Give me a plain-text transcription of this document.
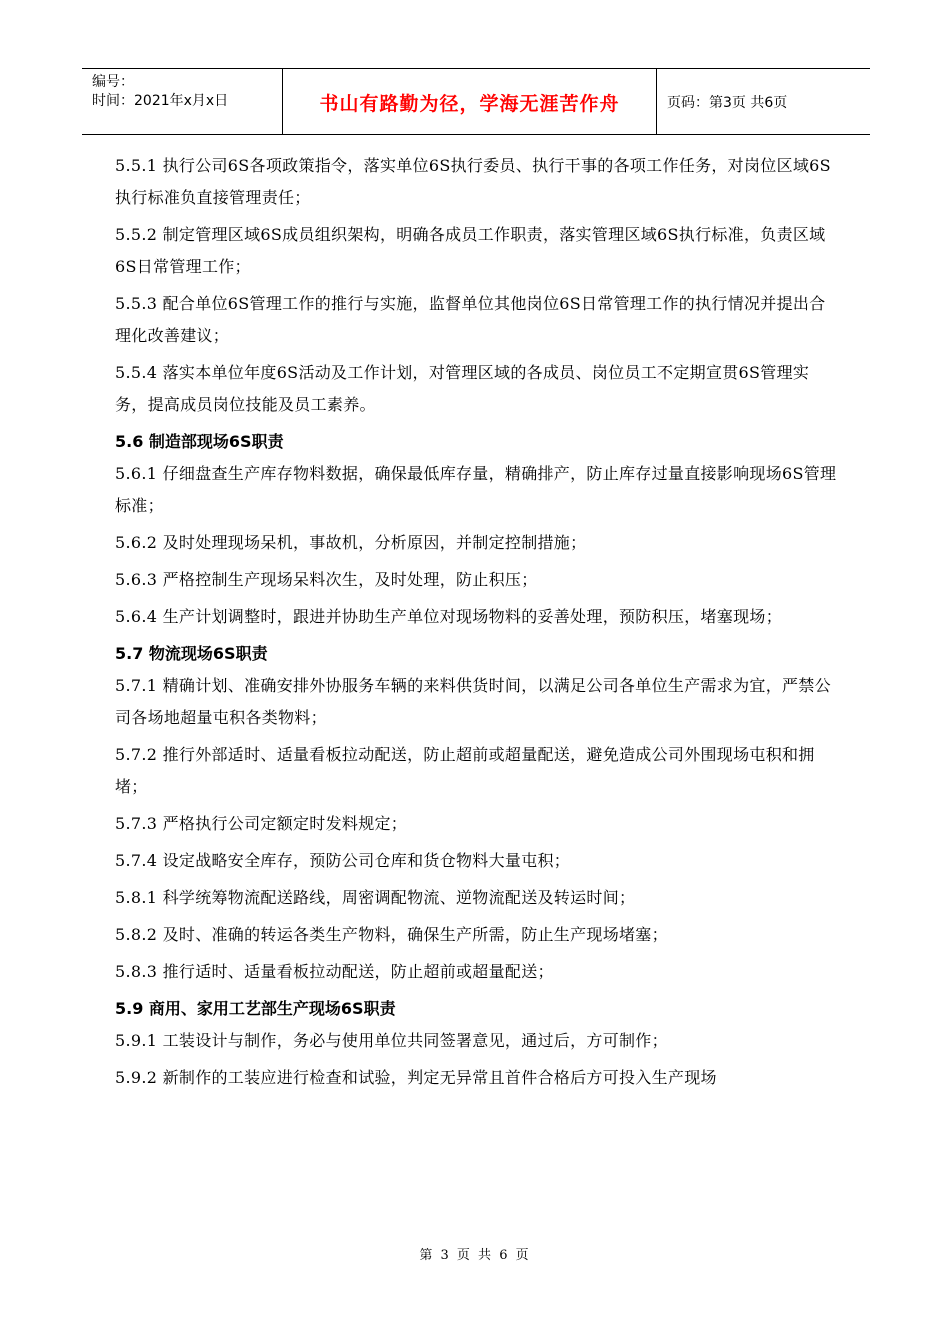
编号：
时间：2021年x月x日	书山有路勤为径，学海无涯苦作舟	页码：第3页 共6页

5.5.1 执行公司6S各项政策指令，落实单位6S执行委员、执行干事的各项工作任务，对岗位区域6S执行标准负直接管理责任；

5.5.2 制定管理区域6S成员组织架构，明确各成员工作职责，落实管理区域6S执行标准，负责区域6S日常管理工作；

5.5.3 配合单位6S管理工作的推行与实施，监督单位其他岗位6S日常管理工作的执行情况并提出合理化改善建议；

5.5.4 落实本单位年度6S活动及工作计划，对管理区域的各成员、岗位员工不定期宣贯6S管理实务，提高成员岗位技能及员工素养。

5.6 制造部现场6S职责

5.6.1 仔细盘查生产库存物料数据，确保最低库存量，精确排产，防止库存过量直接影响现场6S管理标准；

5.6.2 及时处理现场呆机，事故机，分析原因，并制定控制措施；

5.6.3 严格控制生产现场呆料次生，及时处理，防止积压；

5.6.4 生产计划调整时，跟进并协助生产单位对现场物料的妥善处理，预防积压，堵塞现场；

5.7 物流现场6S职责

5.7.1 精确计划、准确安排外协服务车辆的来料供货时间，以满足公司各单位生产需求为宜，严禁公司各场地超量屯积各类物料；

5.7.2 推行外部适时、适量看板拉动配送，防止超前或超量配送，避免造成公司外围现场屯积和拥堵；

5.7.3 严格执行公司定额定时发料规定；

5.7.4 设定战略安全库存，预防公司仓库和货仓物料大量屯积；

5.8.1 科学统筹物流配送路线，周密调配物流、逆物流配送及转运时间；

5.8.2 及时、准确的转运各类生产物料，确保生产所需，防止生产现场堵塞；

5.8.3 推行适时、适量看板拉动配送，防止超前或超量配送；

5.9 商用、家用工艺部生产现场6S职责

5.9.1 工装设计与制作，务必与使用单位共同签署意见，通过后，方可制作；

5.9.2 新制作的工装应进行检查和试验，判定无异常且首件合格后方可投入生产现场

第 3 页 共 6 页
